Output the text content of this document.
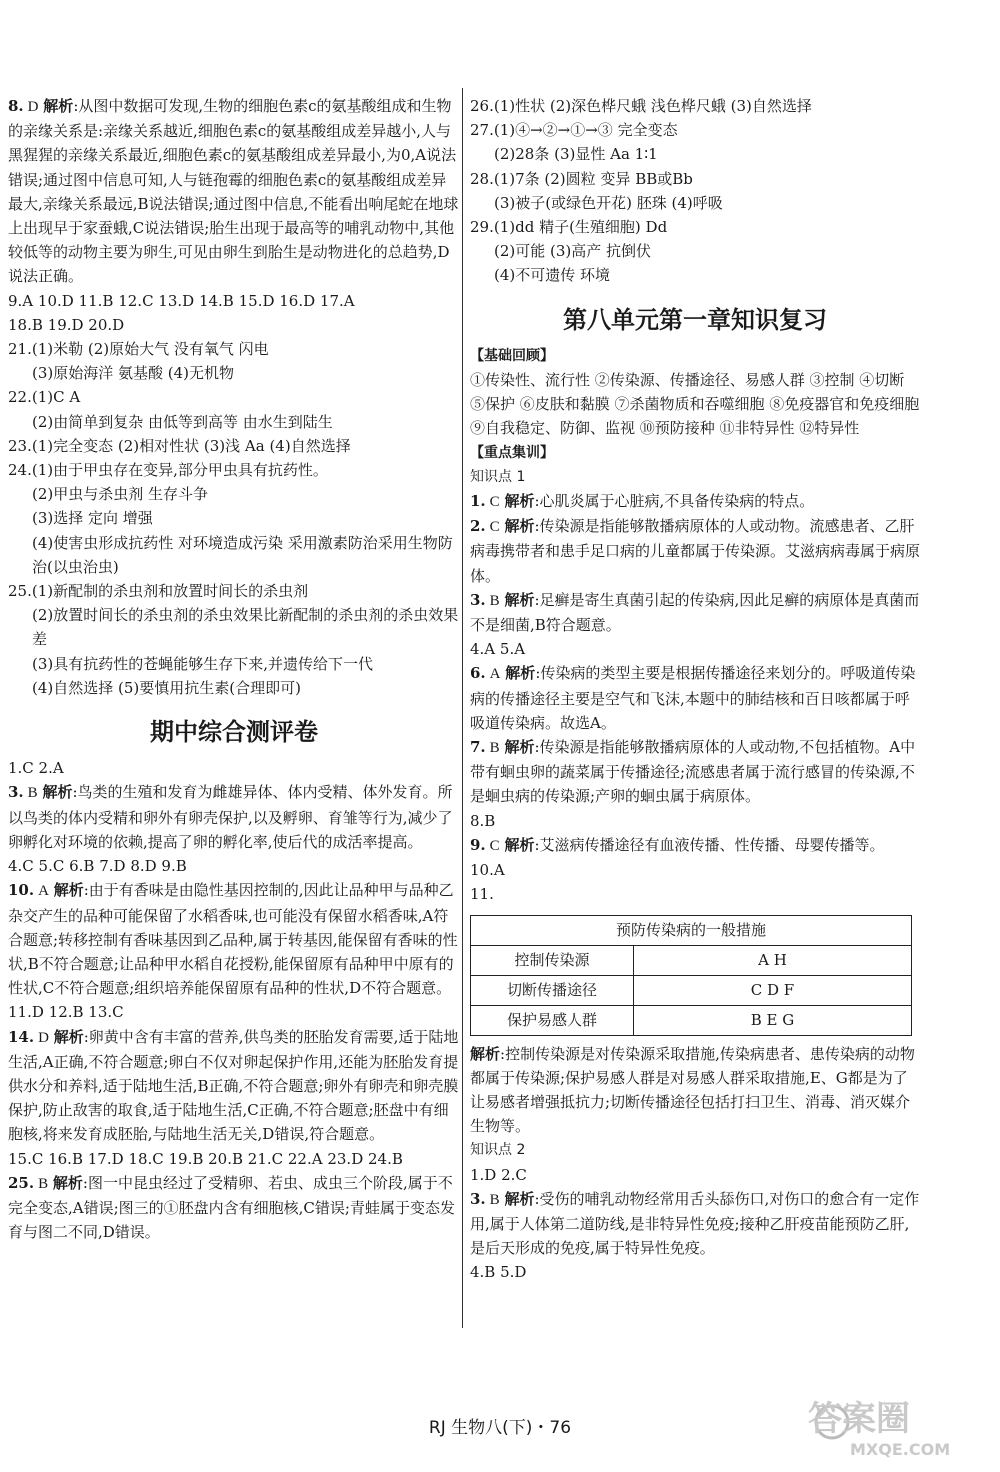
8. D 解析:从图中数据可发现,生物的细胞色素c的氨基酸组成和生物的亲缘关系是:亲缘关系越近,细胞色素c的氨基酸组成差异越小,人与黑猩猩的亲缘关系最近,细胞色素c的氨基酸组成差异最小,为0,A说法错误;通过图中信息可知,人与链孢霉的细胞色素c的氨基酸组成差异最大,亲缘关系最远,B说法错误;通过图中信息,不能看出响尾蛇在地球上出现早于家蚕蛾,C说法错误;胎生出现于最高等的哺乳动物中,其他较低等的动物主要为卵生,可见由卵生到胎生是动物进化的总趋势,D说法正确。
9.A 10.D 11.B 12.C 13.D 14.B 15.D 16.D 17.A
18.B 19.D 20.D
21.(1)米勒 (2)原始大气 没有氧气 闪电
(3)原始海洋 氨基酸 (4)无机物
22.(1)C A
(2)由简单到复杂 由低等到高等 由水生到陆生
23.(1)完全变态 (2)相对性状 (3)浅 Aa (4)自然选择
24.(1)由于甲虫存在变异,部分甲虫具有抗药性。
(2)甲虫与杀虫剂 生存斗争
(3)选择 定向 增强
(4)使害虫形成抗药性 对环境造成污染 采用激素防治采用生物防治(以虫治虫)
25.(1)新配制的杀虫剂和放置时间长的杀虫剂
(2)放置时间长的杀虫剂的杀虫效果比新配制的杀虫剂的杀虫效果差
(3)具有抗药性的苍蝇能够生存下来,并遗传给下一代
(4)自然选择 (5)要慎用抗生素(合理即可)
期中综合测评卷
1.C 2.A
3. B 解析:鸟类的生殖和发育为雌雄异体、体内受精、体外发育。所以鸟类的体内受精和卵外有卵壳保护,以及孵卵、育雏等行为,减少了卵孵化对环境的依赖,提高了卵的孵化率,使后代的成活率提高。
4.C 5.C 6.B 7.D 8.D 9.B
10. A 解析:由于有香味是由隐性基因控制的,因此让品种甲与品种乙杂交产生的品种可能保留了水稻香味,也可能没有保留水稻香味,A符合题意;转移控制有香味基因到乙品种,属于转基因,能保留有香味的性状,B不符合题意;让品种甲水稻自花授粉,能保留原有品种甲中原有的性状,C不符合题意;组织培养能保留原有品种的性状,D不符合题意。
11.D 12.B 13.C
14. D 解析:卵黄中含有丰富的营养,供鸟类的胚胎发育需要,适于陆地生活,A正确,不符合题意;卵白不仅对卵起保护作用,还能为胚胎发育提供水分和养料,适于陆地生活,B正确,不符合题意;卵外有卵壳和卵壳膜保护,防止敌害的取食,适于陆地生活,C正确,不符合题意;胚盘中有细胞核,将来发育成胚胎,与陆地生活无关,D错误,符合题意。
15.C 16.B 17.D 18.C 19.B 20.B 21.C 22.A 23.D 24.B
25. B 解析:图一中昆虫经过了受精卵、若虫、成虫三个阶段,属于不完全变态,A错误;图三的①胚盘内含有细胞核,C错误;青蛙属于变态发育与图二不同,D错误。
26.(1)性状 (2)深色桦尺蛾 浅色桦尺蛾 (3)自然选择
27.(1)④→②→①→③ 完全变态
(2)28条 (3)显性 Aa 1∶1
28.(1)7条 (2)圆粒 变异 BB或Bb
(3)被子(或绿色开花) 胚珠 (4)呼吸
29.(1)dd 精子(生殖细胞) Dd
(2)可能 (3)高产 抗倒伏
(4)不可遗传 环境
第八单元第一章知识复习
【基础回顾】
①传染性、流行性 ②传染源、传播途径、易感人群 ③控制 ④切断 ⑤保护 ⑥皮肤和黏膜 ⑦杀菌物质和吞噬细胞 ⑧免疫器官和免疫细胞 ⑨自我稳定、防御、监视 ⑩预防接种 ⑪非特异性 ⑫特异性
【重点集训】
知识点 1
1. C 解析:心肌炎属于心脏病,不具备传染病的特点。
2. C 解析:传染源是指能够散播病原体的人或动物。流感患者、乙肝病毒携带者和患手足口病的儿童都属于传染源。艾滋病病毒属于病原体。
3. B 解析:足癣是寄生真菌引起的传染病,因此足癣的病原体是真菌而不是细菌,B符合题意。
4.A 5.A
6. A 解析:传染病的类型主要是根据传播途径来划分的。呼吸道传染病的传播途径主要是空气和飞沫,本题中的肺结核和百日咳都属于呼吸道传染病。故选A。
7. B 解析:传染源是指能够散播病原体的人或动物,不包括植物。A中带有蛔虫卵的蔬菜属于传播途径;流感患者属于流行感冒的传染源,不是蛔虫病的传染源;产卵的蛔虫属于病原体。
8.B
9. C 解析:艾滋病传播途径有血液传播、性传播、母婴传播等。
10.A
11.
预防传染病的一般措施	
控制传染源	A H
切断传播途径	C D F
保护易感人群	B E G
解析:控制传染源是对传染源采取措施,传染病患者、患传染病的动物都属于传染源;保护易感人群是对易感人群采取措施,E、G都是为了让易感者增强抵抗力;切断传播途径包括打扫卫生、消毒、消灭媒介生物等。
知识点 2
1.D 2.C
3. B 解析:受伤的哺乳动物经常用舌头舔伤口,对伤口的愈合有一定作用,属于人体第二道防线,是非特异性免疫;接种乙肝疫苗能预防乙肝,是后天形成的免疫,属于特异性免疫。
4.B 5.D
RJ 生物八(下)・76	答案圈
MXQE.COM
